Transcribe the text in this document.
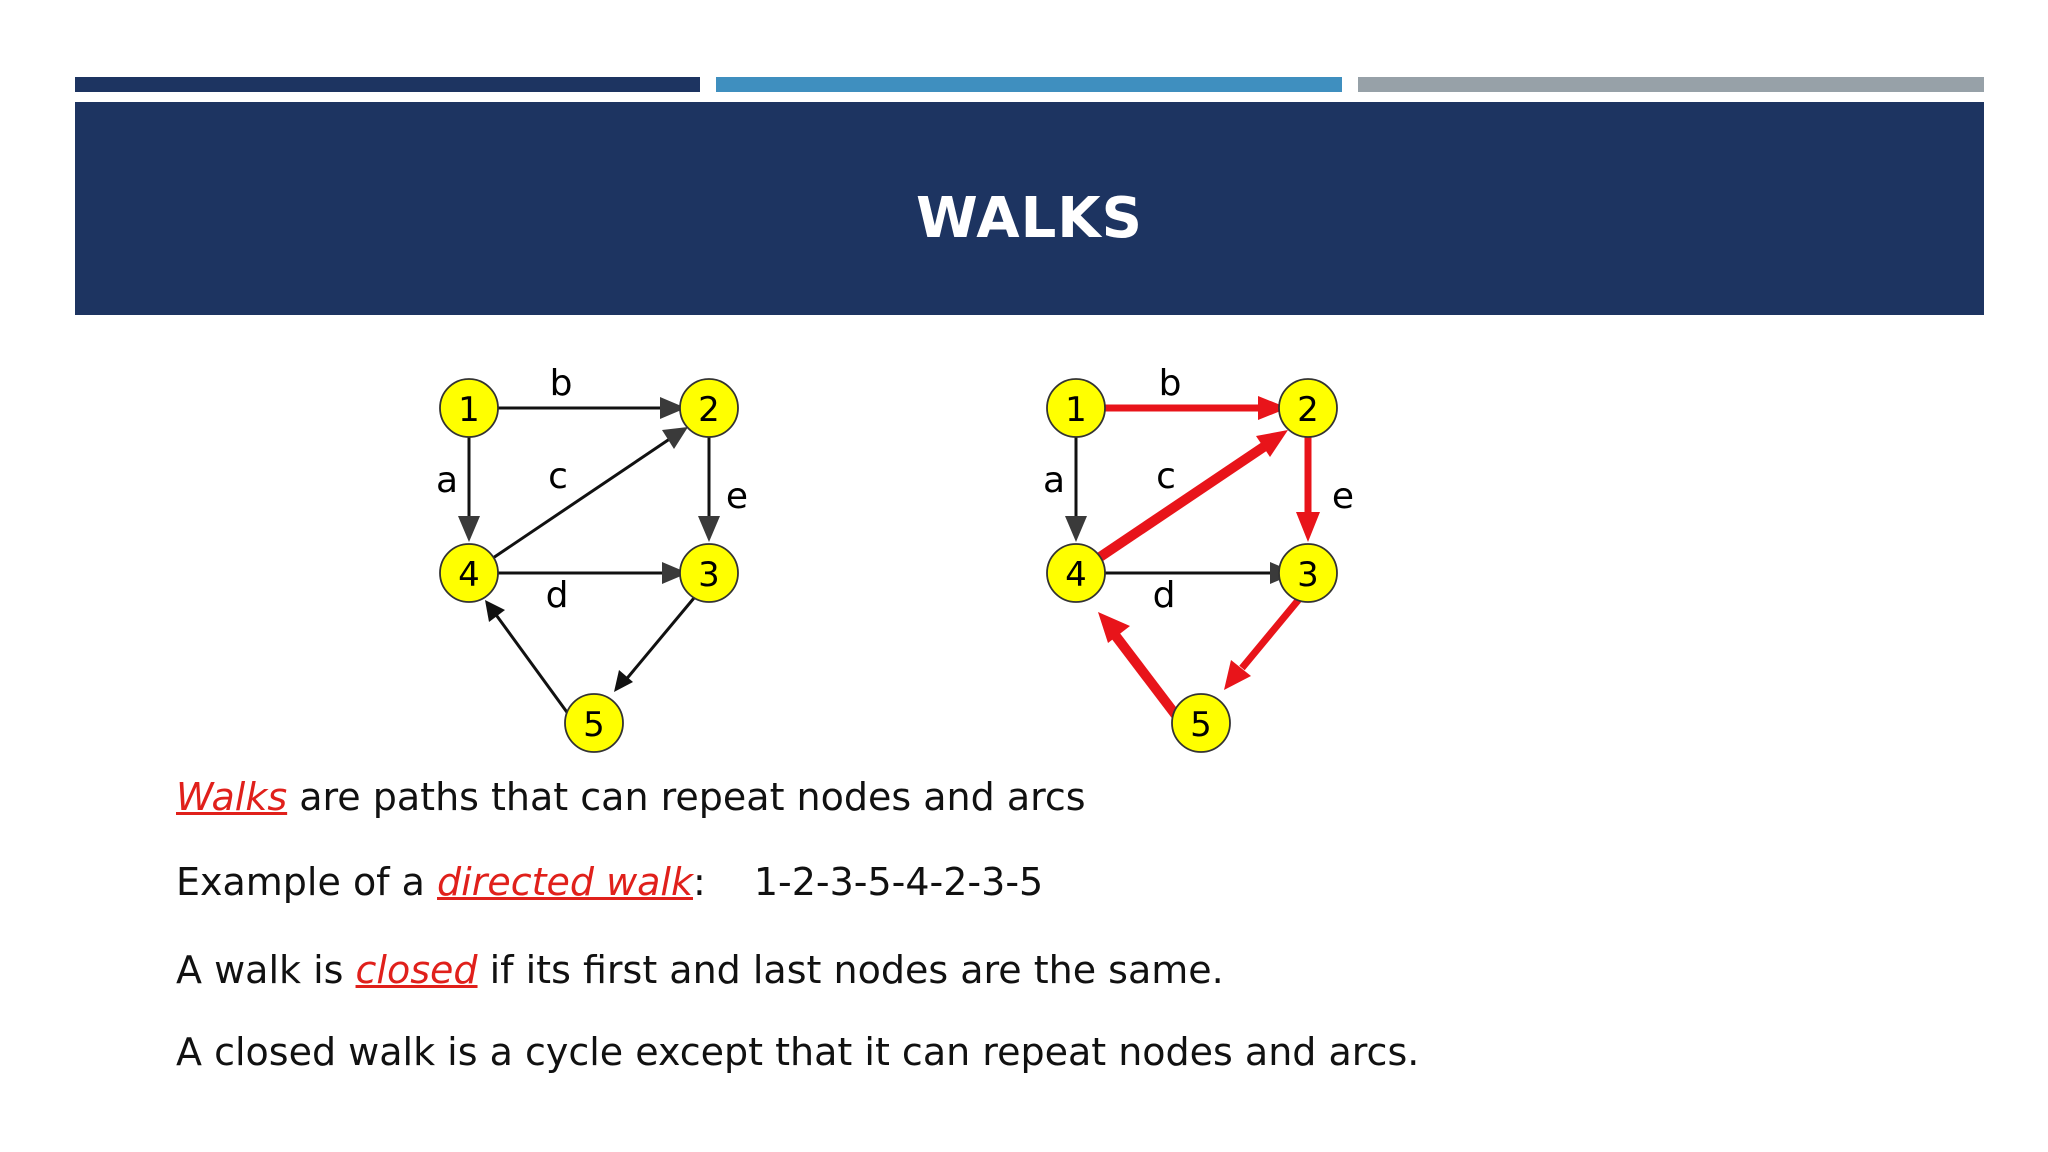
WALKS
b
a	c	e
d
1	2
3
4
5
b
a	c	e
d
1	2
3
4
5
Walks are paths that can repeat nodes and arcs
Example of a directed walk: 1-2-3-5-4-2-3-5
A walk is closed if its first and last nodes are the same.
A closed walk is a cycle except that it can repeat nodes and arcs.
